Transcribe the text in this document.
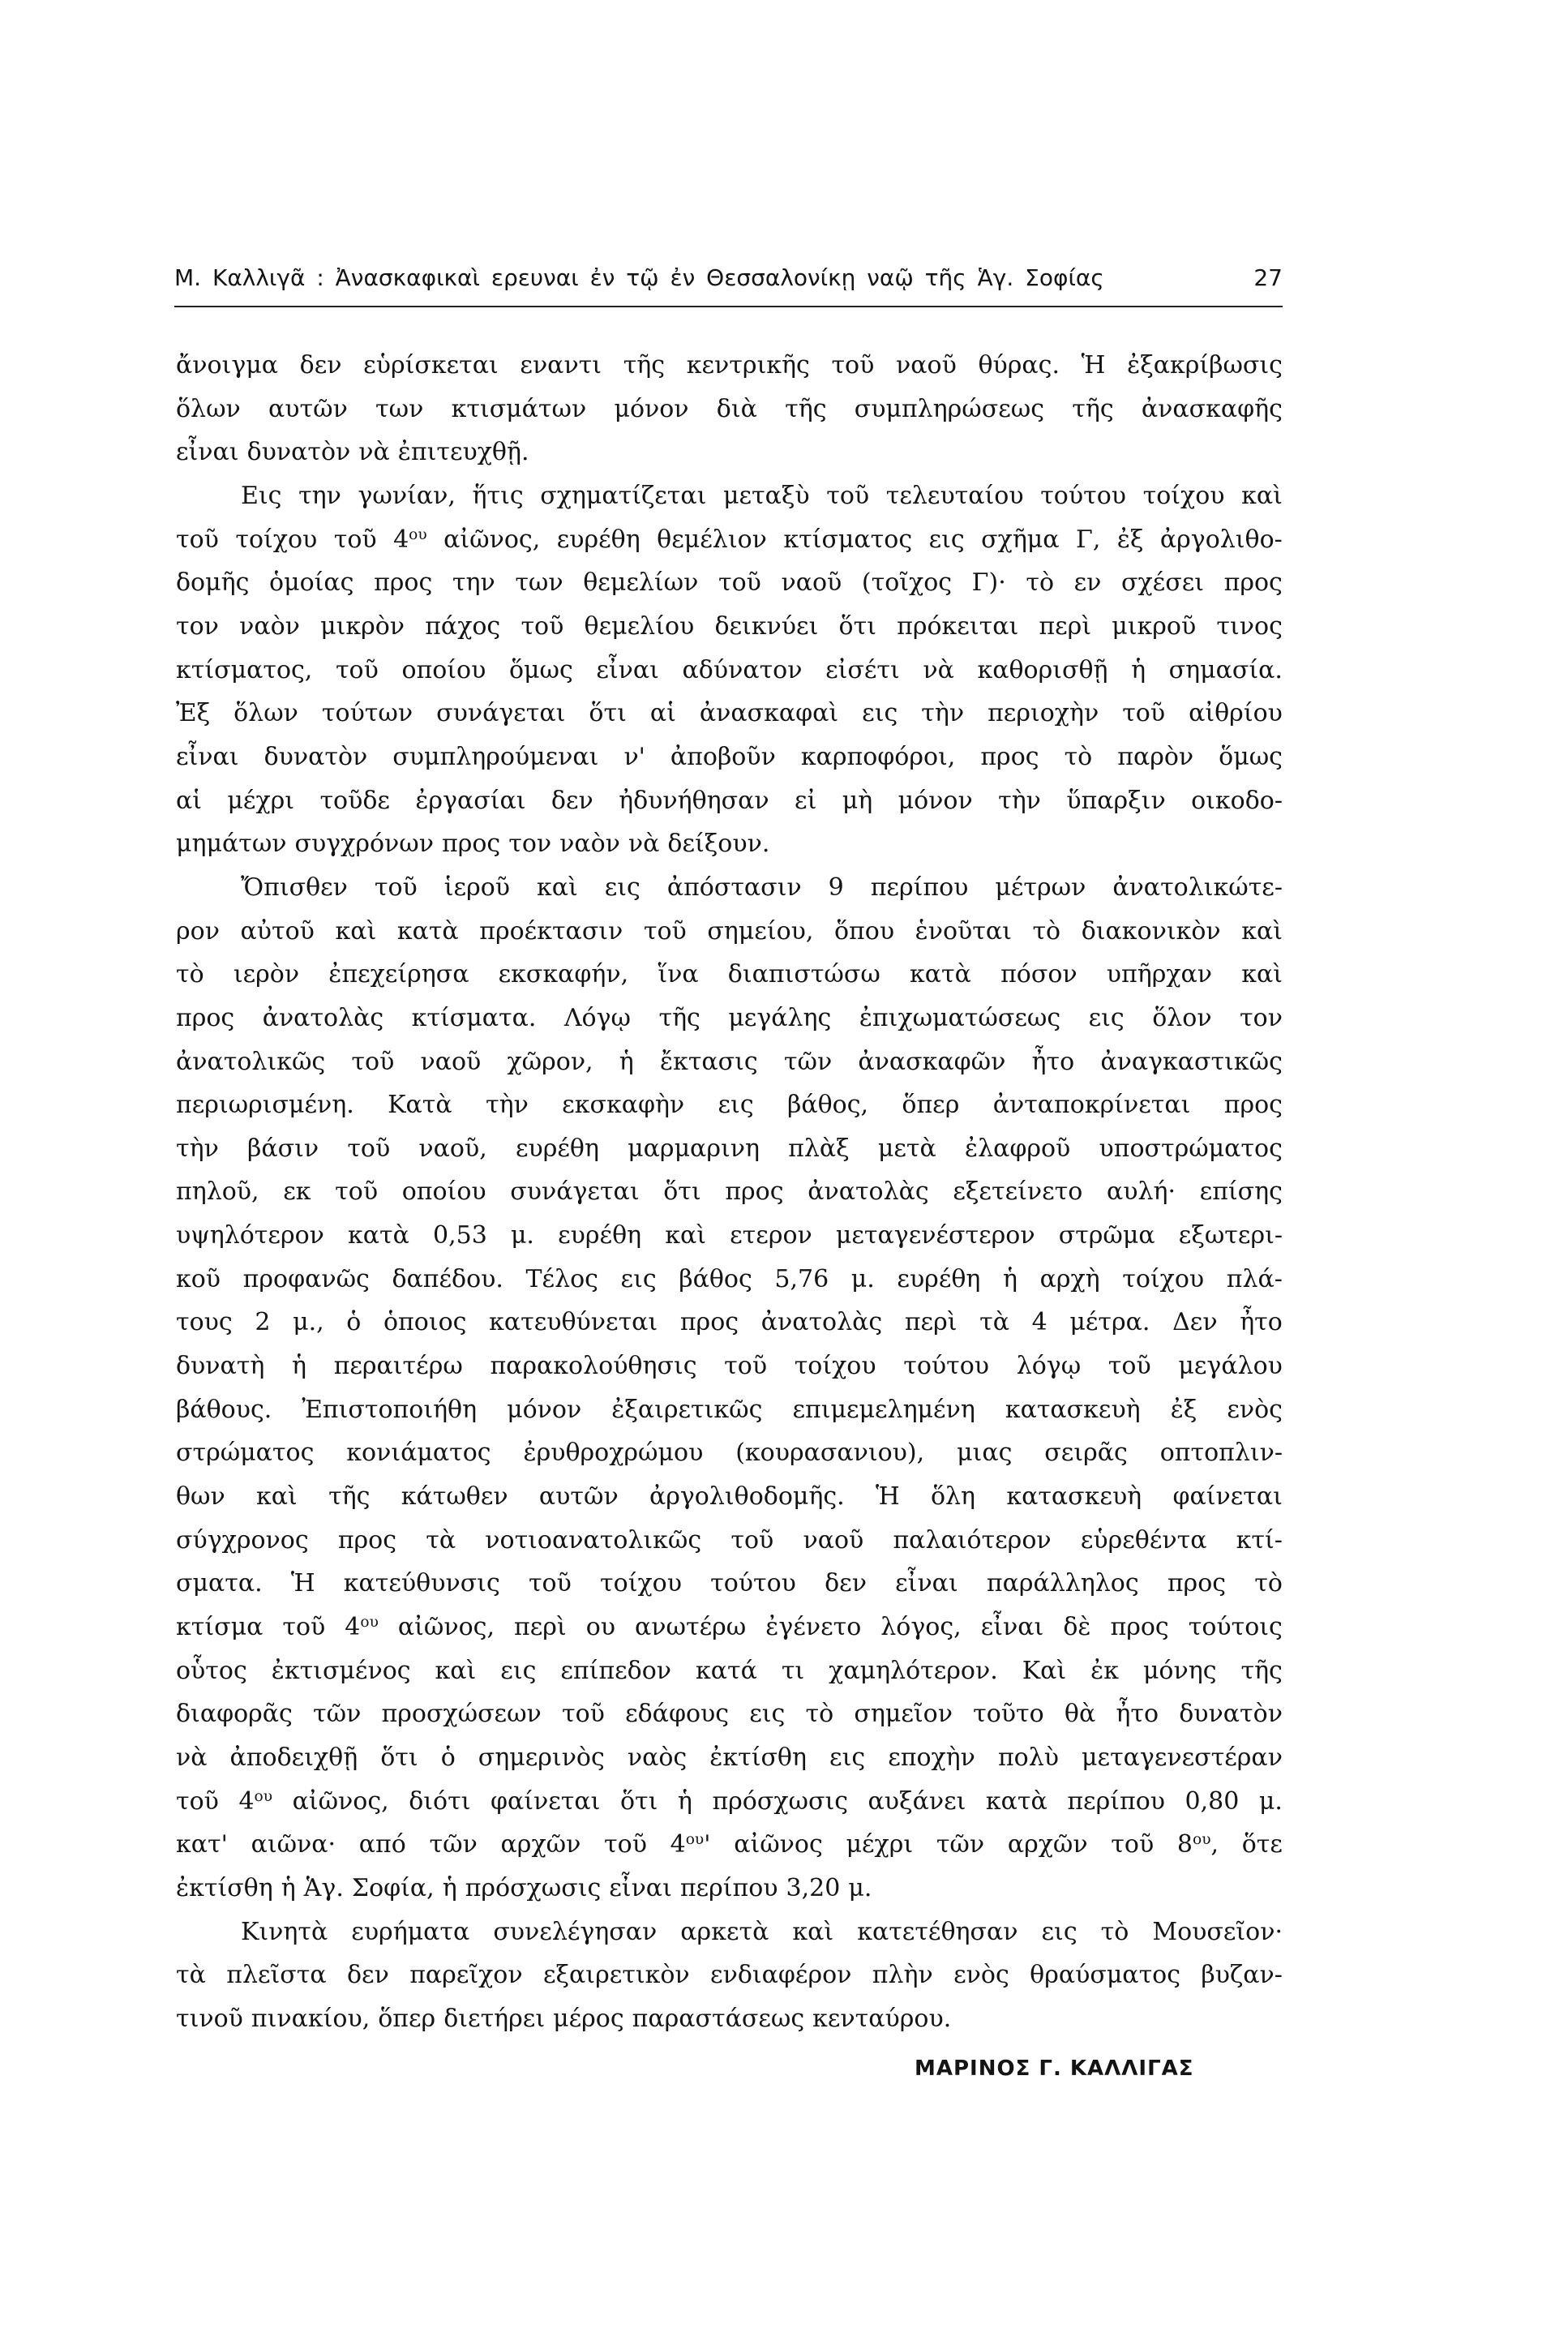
Μ. Καλλιγᾶ : Ἀνασκαφικαὶ ερευναι ἐν τῷ ἐν Θεσσαλονίκῃ ναῷ τῆς Ἁγ. Σοφίας	27
ἄνοιγμα δεν εὑρίσκεται εναντι τῆς κεντρικῆς τοῦ ναοῦ θύρας. Ἡ ἐξακρίβωσις
ὅλων αυτῶν των κτισμάτων μόνον διὰ τῆς συμπληρώσεως τῆς ἀνασκαφῆς
εἶναι δυνατὸν νὰ ἐπιτευχθῇ.
Εις την γωνίαν, ἥτις σχηματίζεται μεταξὺ τοῦ τελευταίου τούτου τοίχου καὶ
τοῦ τοίχου τοῦ $4^{o\upsilon}$ αἰῶνος, ευρέθη θεμέλιον κτίσματος εις σχῆμα Γ, ἐξ ἀργολιθο-
δομῆς ὁμοίας προς την των θεμελίων τοῦ ναοῦ (τοῖχος Γ)· τὸ εν σχέσει προς
τον ναὸν μικρὸν πάχος τοῦ θεμελίου δεικνύει ὅτι πρόκειται περὶ μικροῦ τινος
κτίσματος, τοῦ οποίου ὅμως εἶναι αδύνατον εἰσέτι νὰ καθορισθῇ ἡ σημασία.
Ἐξ ὅλων τούτων συνάγεται ὅτι αἱ ἀνασκαφαὶ εις τὴν περιοχὴν τοῦ αἰθρίου
εἶναι δυνατὸν συμπληρούμεναι ν' ἀποβοῦν καρποφόροι, προς τὸ παρὸν ὅμως
αἱ μέχρι τοῦδε ἐργασίαι δεν ἠδυνήθησαν εἰ μὴ μόνον τὴν ὕπαρξιν οικοδο-
μημάτων συγχρόνων προς τον ναὸν νὰ δείξουν.
Ὄπισθεν τοῦ ἱεροῦ καὶ εις ἀπόστασιν 9 περίπου μέτρων ἀνατολικώτε-
ρον αὐτοῦ καὶ κατὰ προέκτασιν τοῦ σημείου, ὅπου ἑνοῦται τὸ διακονικὸν καὶ
τὸ ιερὸν ἐπεχείρησα εκσκαφήν, ἵνα διαπιστώσω κατὰ πόσον υπῆρχαν καὶ
προς ἀνατολὰς κτίσματα. Λόγῳ τῆς μεγάλης ἐπιχωματώσεως εις ὅλον τον
ἀνατολικῶς τοῦ ναοῦ χῶρον, ἡ ἔκτασις τῶν ἀνασκαφῶν ἦτο ἀναγκαστικῶς
περιωρισμένη. Κατὰ τὴν εκσκαφὴν εις βάθος, ὅπερ ἀνταποκρίνεται προς
τὴν βάσιν τοῦ ναοῦ, ευρέθη μαρμαρινη πλὰξ μετὰ ἐλαφροῦ υποστρώματος
πηλοῦ, εκ τοῦ οποίου συνάγεται ὅτι προς ἀνατολὰς εξετείνετο αυλή· επίσης
υψηλότερον κατὰ 0,53 μ. ευρέθη καὶ ετερον μεταγενέστερον στρῶμα εξωτερι-
κοῦ προφανῶς δαπέδου. Τέλος εις βάθος 5,76 μ. ευρέθη ἡ αρχὴ τοίχου πλά-
τους 2 μ., ὁ ὁποιος κατευθύνεται προς ἀνατολὰς περὶ τὰ 4 μέτρα. Δεν ἦτο
δυνατὴ ἡ περαιτέρω παρακολούθησις τοῦ τοίχου τούτου λόγῳ τοῦ μεγάλου
βάθους. Ἐπιστοποιήθη μόνον ἐξαιρετικῶς επιμεμελημένη κατασκευὴ ἐξ ενὸς
στρώματος κονιάματος ἐρυθροχρώμου (κουρασανιου), μιας σειρᾶς οπτοπλιν-
θων καὶ τῆς κάτωθεν αυτῶν ἀργολιθοδομῆς. Ἡ ὅλη κατασκευὴ φαίνεται
σύγχρονος προς τὰ νοτιοανατολικῶς τοῦ ναοῦ παλαιότερον εὑρεθέντα κτί-
σματα. Ἡ κατεύθυνσις τοῦ τοίχου τούτου δεν εἶναι παράλληλος προς τὸ
κτίσμα τοῦ $4^{o\upsilon}$ αἰῶνος, περὶ ου ανωτέρω ἐγένετο λόγος, εἶναι δὲ προς τούτοις
οὗτος ἐκτισμένος καὶ εις επίπεδον κατά τι χαμηλότερον. Καὶ ἐκ μόνης τῆς
διαφορᾶς τῶν προσχώσεων τοῦ εδάφους εις τὸ σημεῖον τοῦτο θὰ ἦτο δυνατὸν
νὰ ἀποδειχθῇ ὅτι ὁ σημερινὸς ναὸς ἐκτίσθη εις εποχὴν πολὺ μεταγενεστέραν
τοῦ $4^{o\upsilon}$ αἰῶνος, διότι φαίνεται ὅτι ἡ πρόσχωσις αυξάνει κατὰ περίπου 0,80 μ.
κατ' αιῶνα· από τῶν αρχῶν τοῦ $4^{o\upsilon}'$ αἰῶνος μέχρι τῶν αρχῶν τοῦ $8^{o\upsilon}$, ὅτε
ἐκτίσθη ἡ Ἁγ. Σοφία, ἡ πρόσχωσις εἶναι περίπου 3,20 μ.
Κινητὰ ευρήματα συνελέγησαν αρκετὰ καὶ κατετέθησαν εις τὸ Μουσεῖον·
τὰ πλεῖστα δεν παρεῖχον εξαιρετικὸν ενδιαφέρον πλὴν ενὸς θραύσματος βυζαν-
τινοῦ πινακίου, ὅπερ διετήρει μέρος παραστάσεως κενταύρου.
ΜΑΡΙΝΟΣ Γ. ΚΑΛΛΙΓΑΣ
